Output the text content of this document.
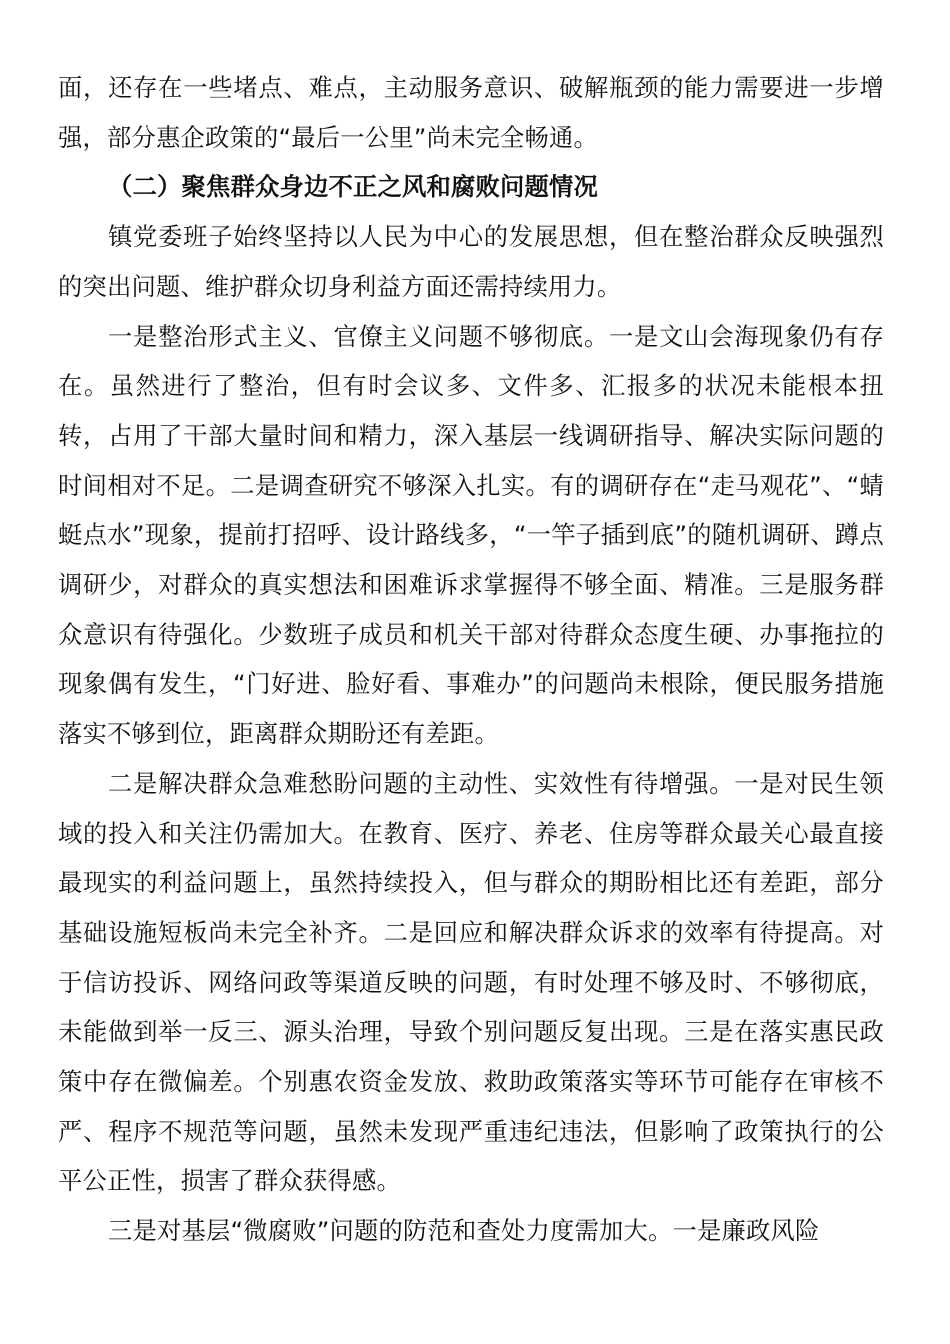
面，还存在一些堵点、难点，主动服务意识、破解瓶颈的能力需要进一步增强，部分惠企政策的“最后一公里”尚未完全畅通。

（二）聚焦群众身边不正之风和腐败问题情况

镇党委班子始终坚持以人民为中心的发展思想，但在整治群众反映强烈的突出问题、维护群众切身利益方面还需持续用力。

一是整治形式主义、官僚主义问题不够彻底。一是文山会海现象仍有存在。虽然进行了整治，但有时会议多、文件多、汇报多的状况未能根本扭转，占用了干部大量时间和精力，深入基层一线调研指导、解决实际问题的时间相对不足。二是调查研究不够深入扎实。有的调研存在“走马观花”、“蜻蜓点水”现象，提前打招呼、设计路线多，“一竿子插到底”的随机调研、蹲点调研少，对群众的真实想法和困难诉求掌握得不够全面、精准。三是服务群众意识有待强化。少数班子成员和机关干部对待群众态度生硬、办事拖拉的现象偶有发生，“门好进、脸好看、事难办”的问题尚未根除，便民服务措施落实不够到位，距离群众期盼还有差距。

二是解决群众急难愁盼问题的主动性、实效性有待增强。一是对民生领域的投入和关注仍需加大。在教育、医疗、养老、住房等群众最关心最直接最现实的利益问题上，虽然持续投入，但与群众的期盼相比还有差距，部分基础设施短板尚未完全补齐。二是回应和解决群众诉求的效率有待提高。对于信访投诉、网络问政等渠道反映的问题，有时处理不够及时、不够彻底，未能做到举一反三、源头治理，导致个别问题反复出现。三是在落实惠民政策中存在微偏差。个别惠农资金发放、救助政策落实等环节可能存在审核不严、程序不规范等问题，虽然未发现严重违纪违法，但影响了政策执行的公平公正性，损害了群众获得感。

三是对基层“微腐败”问题的防范和查处力度需加大。一是廉政风险
